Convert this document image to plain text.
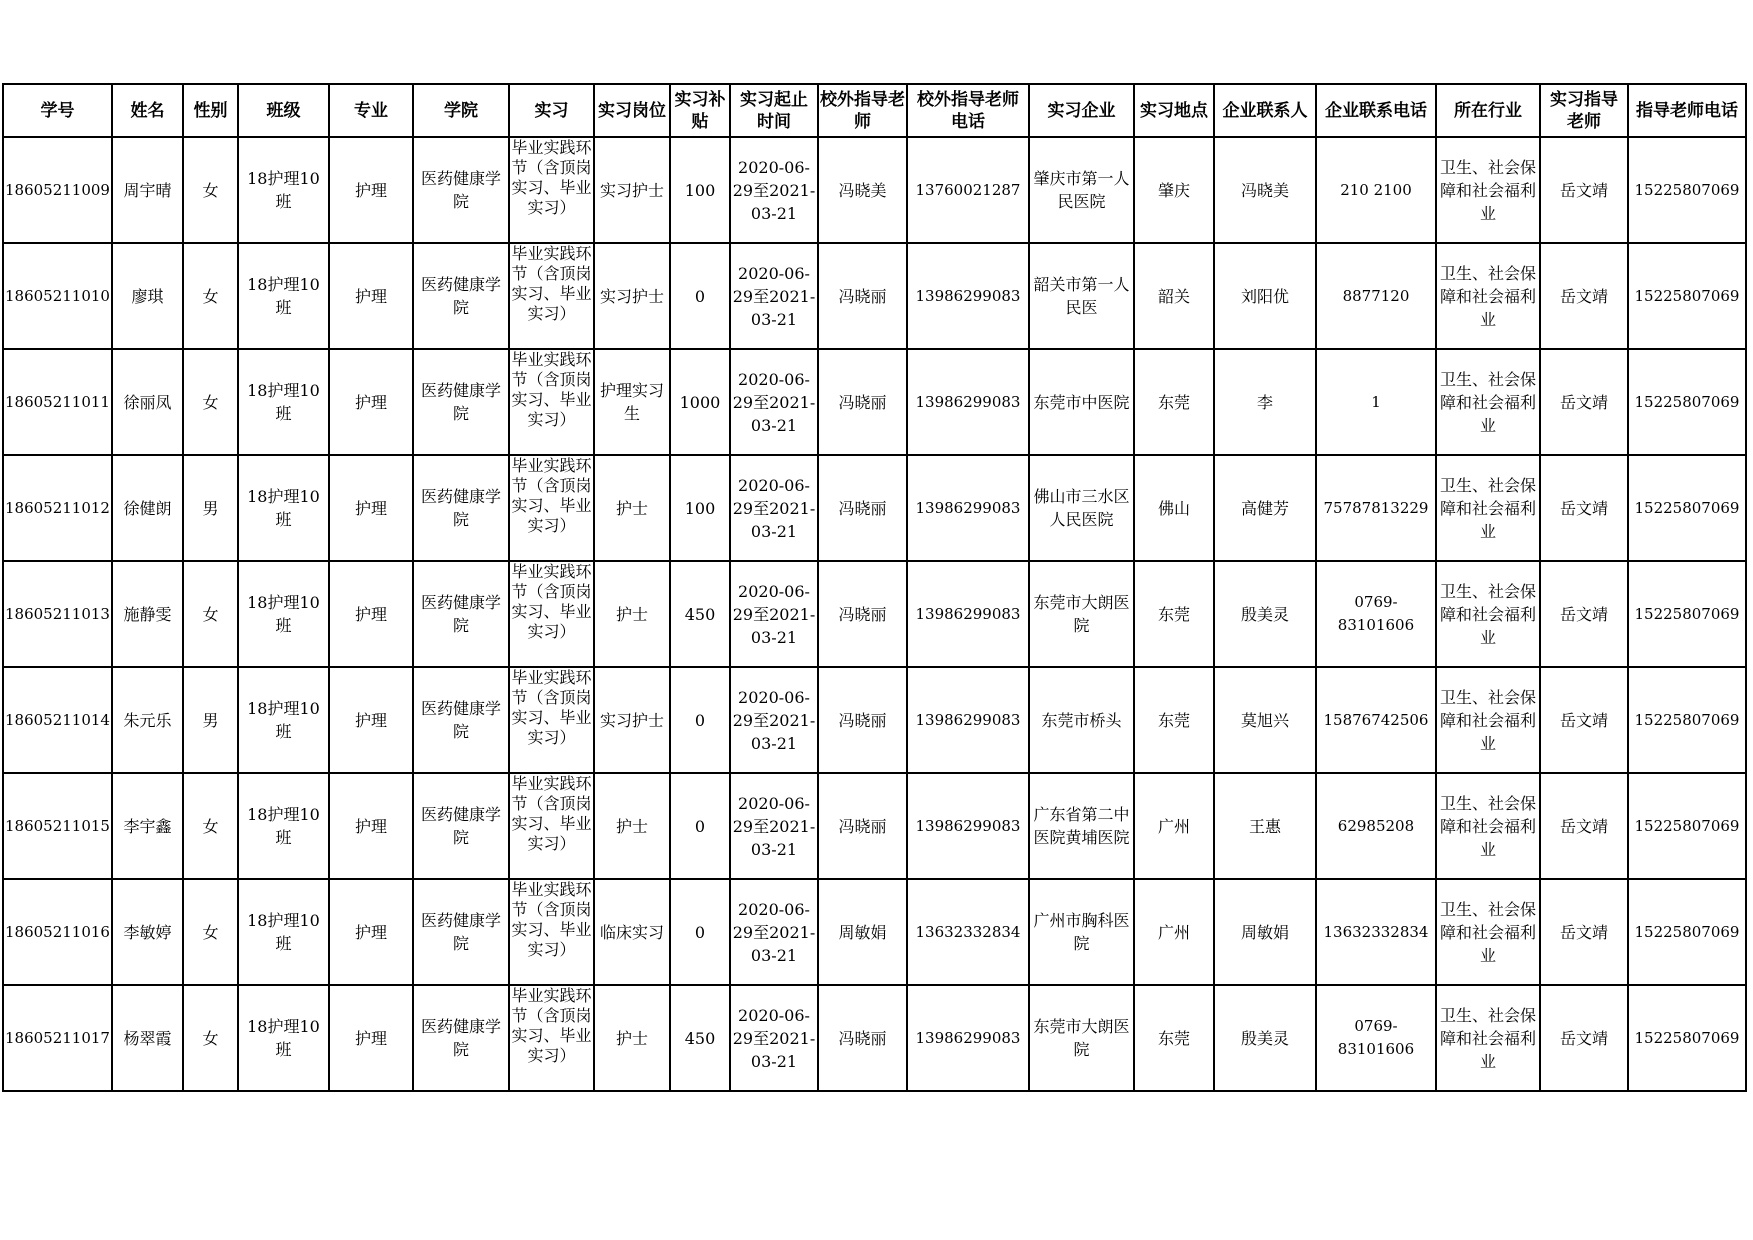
学号	姓名	性别	班级	专业	学院	实习	实习岗位	实习补贴	实习起止时间	校外指导老师	校外指导老师电话	实习企业	实习地点	企业联系人	企业联系电话	所在行业	实习指导老师	指导老师电话
18605211009	周宇晴	女	18护理10班	护理	医药健康学院	毕业实践环节（含顶岗实习、毕业实习）	实习护士	100	2020-06-29至2021-03-21	冯晓美	13760021287	肇庆市第一人民医院	肇庆	冯晓美	210 2100	卫生、社会保障和社会福利业	岳文靖	15225807069
18605211010	廖琪	女	18护理10班	护理	医药健康学院	毕业实践环节（含顶岗实习、毕业实习）	实习护士	0	2020-06-29至2021-03-21	冯晓丽	13986299083	韶关市第一人民医	韶关	刘阳优	8877120	卫生、社会保障和社会福利业	岳文靖	15225807069
18605211011	徐丽凤	女	18护理10班	护理	医药健康学院	毕业实践环节（含顶岗实习、毕业实习）	护理实习生	1000	2020-06-29至2021-03-21	冯晓丽	13986299083	东莞市中医院	东莞	李	1	卫生、社会保障和社会福利业	岳文靖	15225807069
18605211012	徐健朗	男	18护理10班	护理	医药健康学院	毕业实践环节（含顶岗实习、毕业实习）	护士	100	2020-06-29至2021-03-21	冯晓丽	13986299083	佛山市三水区人民医院	佛山	高健芳	75787813229	卫生、社会保障和社会福利业	岳文靖	15225807069
18605211013	施静雯	女	18护理10班	护理	医药健康学院	毕业实践环节（含顶岗实习、毕业实习）	护士	450	2020-06-29至2021-03-21	冯晓丽	13986299083	东莞市大朗医院	东莞	殷美灵	0769-83101606	卫生、社会保障和社会福利业	岳文靖	15225807069
18605211014	朱元乐	男	18护理10班	护理	医药健康学院	毕业实践环节（含顶岗实习、毕业实习）	实习护士	0	2020-06-29至2021-03-21	冯晓丽	13986299083	东莞市桥头	东莞	莫旭兴	15876742506	卫生、社会保障和社会福利业	岳文靖	15225807069
18605211015	李宇鑫	女	18护理10班	护理	医药健康学院	毕业实践环节（含顶岗实习、毕业实习）	护士	0	2020-06-29至2021-03-21	冯晓丽	13986299083	广东省第二中医院黄埔医院	广州	王惠	62985208	卫生、社会保障和社会福利业	岳文靖	15225807069
18605211016	李敏婷	女	18护理10班	护理	医药健康学院	毕业实践环节（含顶岗实习、毕业实习）	临床实习	0	2020-06-29至2021-03-21	周敏娟	13632332834	广州市胸科医院	广州	周敏娟	13632332834	卫生、社会保障和社会福利业	岳文靖	15225807069
18605211017	杨翠霞	女	18护理10班	护理	医药健康学院	毕业实践环节（含顶岗实习、毕业实习）	护士	450	2020-06-29至2021-03-21	冯晓丽	13986299083	东莞市大朗医院	东莞	殷美灵	0769-83101606	卫生、社会保障和社会福利业	岳文靖	15225807069
